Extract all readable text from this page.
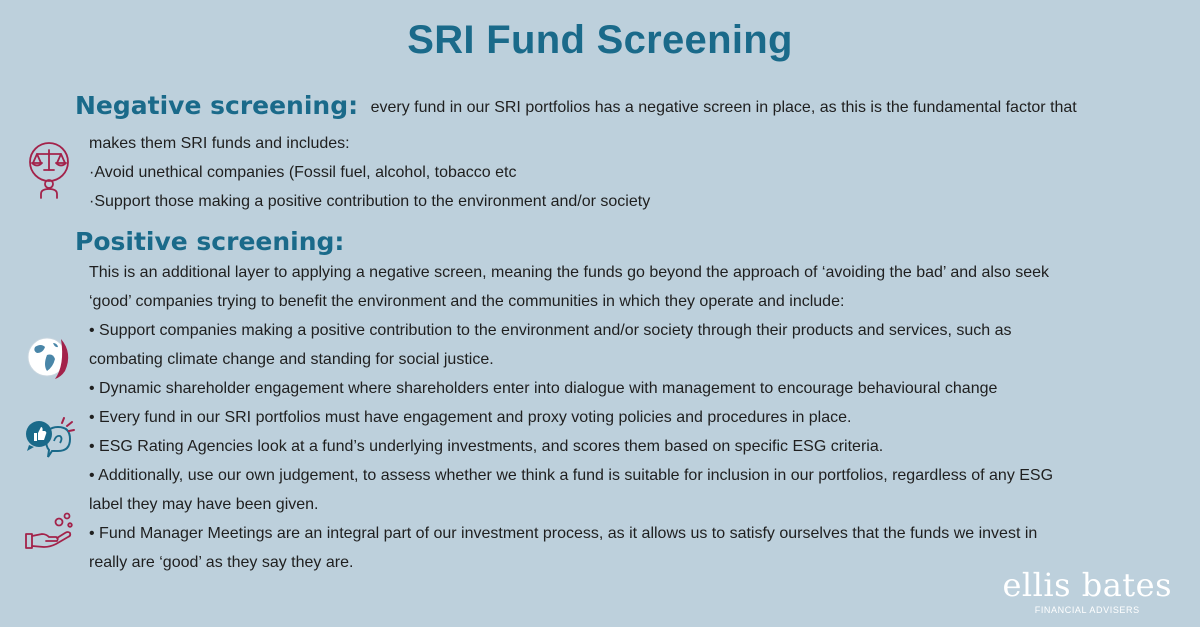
SRI Fund Screening
Negative screening: every fund in our SRI portfolios has a negative screen in place, as this is the fundamental factor that
makes them SRI funds and includes:
·Avoid unethical companies (Fossil fuel, alcohol, tobacco etc
·Support those making a positive contribution to the environment and/or society
Positive screening:
This is an additional layer to applying a negative screen, meaning the funds go beyond the approach of ‘avoiding the bad’ and also seek
‘good’ companies trying to benefit the environment and the communities in which they operate and include:
• Support companies making a positive contribution to the environment and/or society through their products and services, such as
combating climate change and standing for social justice.
• Dynamic shareholder engagement where shareholders enter into dialogue with management to encourage behavioural change
• Every fund in our SRI portfolios must have engagement and proxy voting policies and procedures in place.
• ESG Rating Agencies look at a fund’s underlying investments, and scores them based on specific ESG criteria.
• Additionally, use our own judgement, to assess whether we think a fund is suitable for inclusion in our portfolios, regardless of any ESG
label they may have been given.
• Fund Manager Meetings are an integral part of our investment process, as it allows us to satisfy ourselves that the funds we invest in
really are ‘good’ as they say they are.
ellis bates
FINANCIAL ADVISERS
